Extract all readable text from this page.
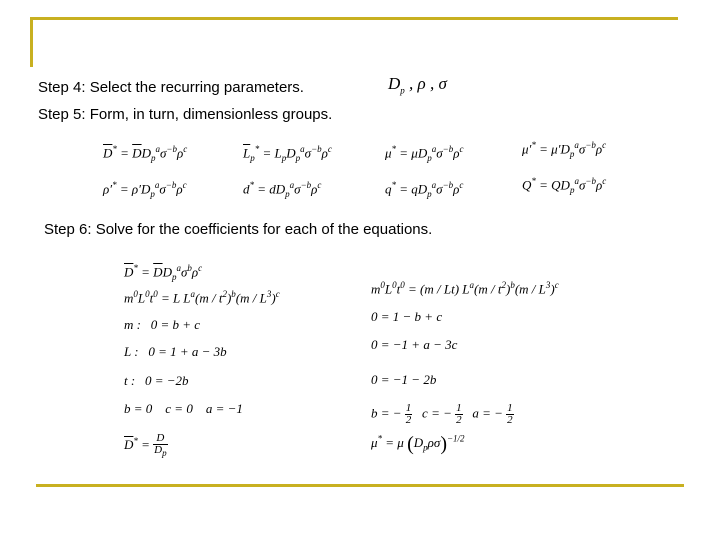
Step 4: Select the recurring parameters.	$D_p$ , ρ , σ
Step 5: Form, in turn, dimensionless groups.
$\overline{D}^* = \overline{D}D_p^a\sigma^{-b}\rho^c$	$\overline{L}_p^* = L_pD_p^a\sigma^{-b}\rho^c$	$\mu^* = \mu D_p^a\sigma^{-b}\rho^c$	$\mu'^* = \mu'D_p^a\sigma^{-b}\rho^c$
$\rho'^* = \rho'D_p^a\sigma^{-b}\rho^c$	$d^* = dD_p^a\sigma^{-b}\rho^c$	$q^* = qD_p^a\sigma^{-b}\rho^c$	$Q^* = QD_p^a\sigma^{-b}\rho^c$
Step 6: Solve for the coefficients for each of the equations.
$\overline{D}^* = \overline{D}D_p^a\sigma^b\rho^c$
$m^0L^0t^0 = L$ $L^a(m / t^2)^b(m / L^3)^c$
m :   0 = b + c
L :   0 = 1 + a − 3b
t :   0 = −2b
b = 0    c = 0    a = −1
$\overline{D}^* = \frac{D}{D_p}$
$m^0L^0t^0 = (m / Lt)$ $L^a(m / t^2)^b(m / L^3)^c$
0 = 1 − b + c
0 = −1 + a − 3c
0 = −1 − 2b
b = − $\frac{1}{2}$ c = − $\frac{1}{2}$ a = − $\frac{1}{2}$
μ* = μ $(D_p\rho\sigma)^{-1/2}$
